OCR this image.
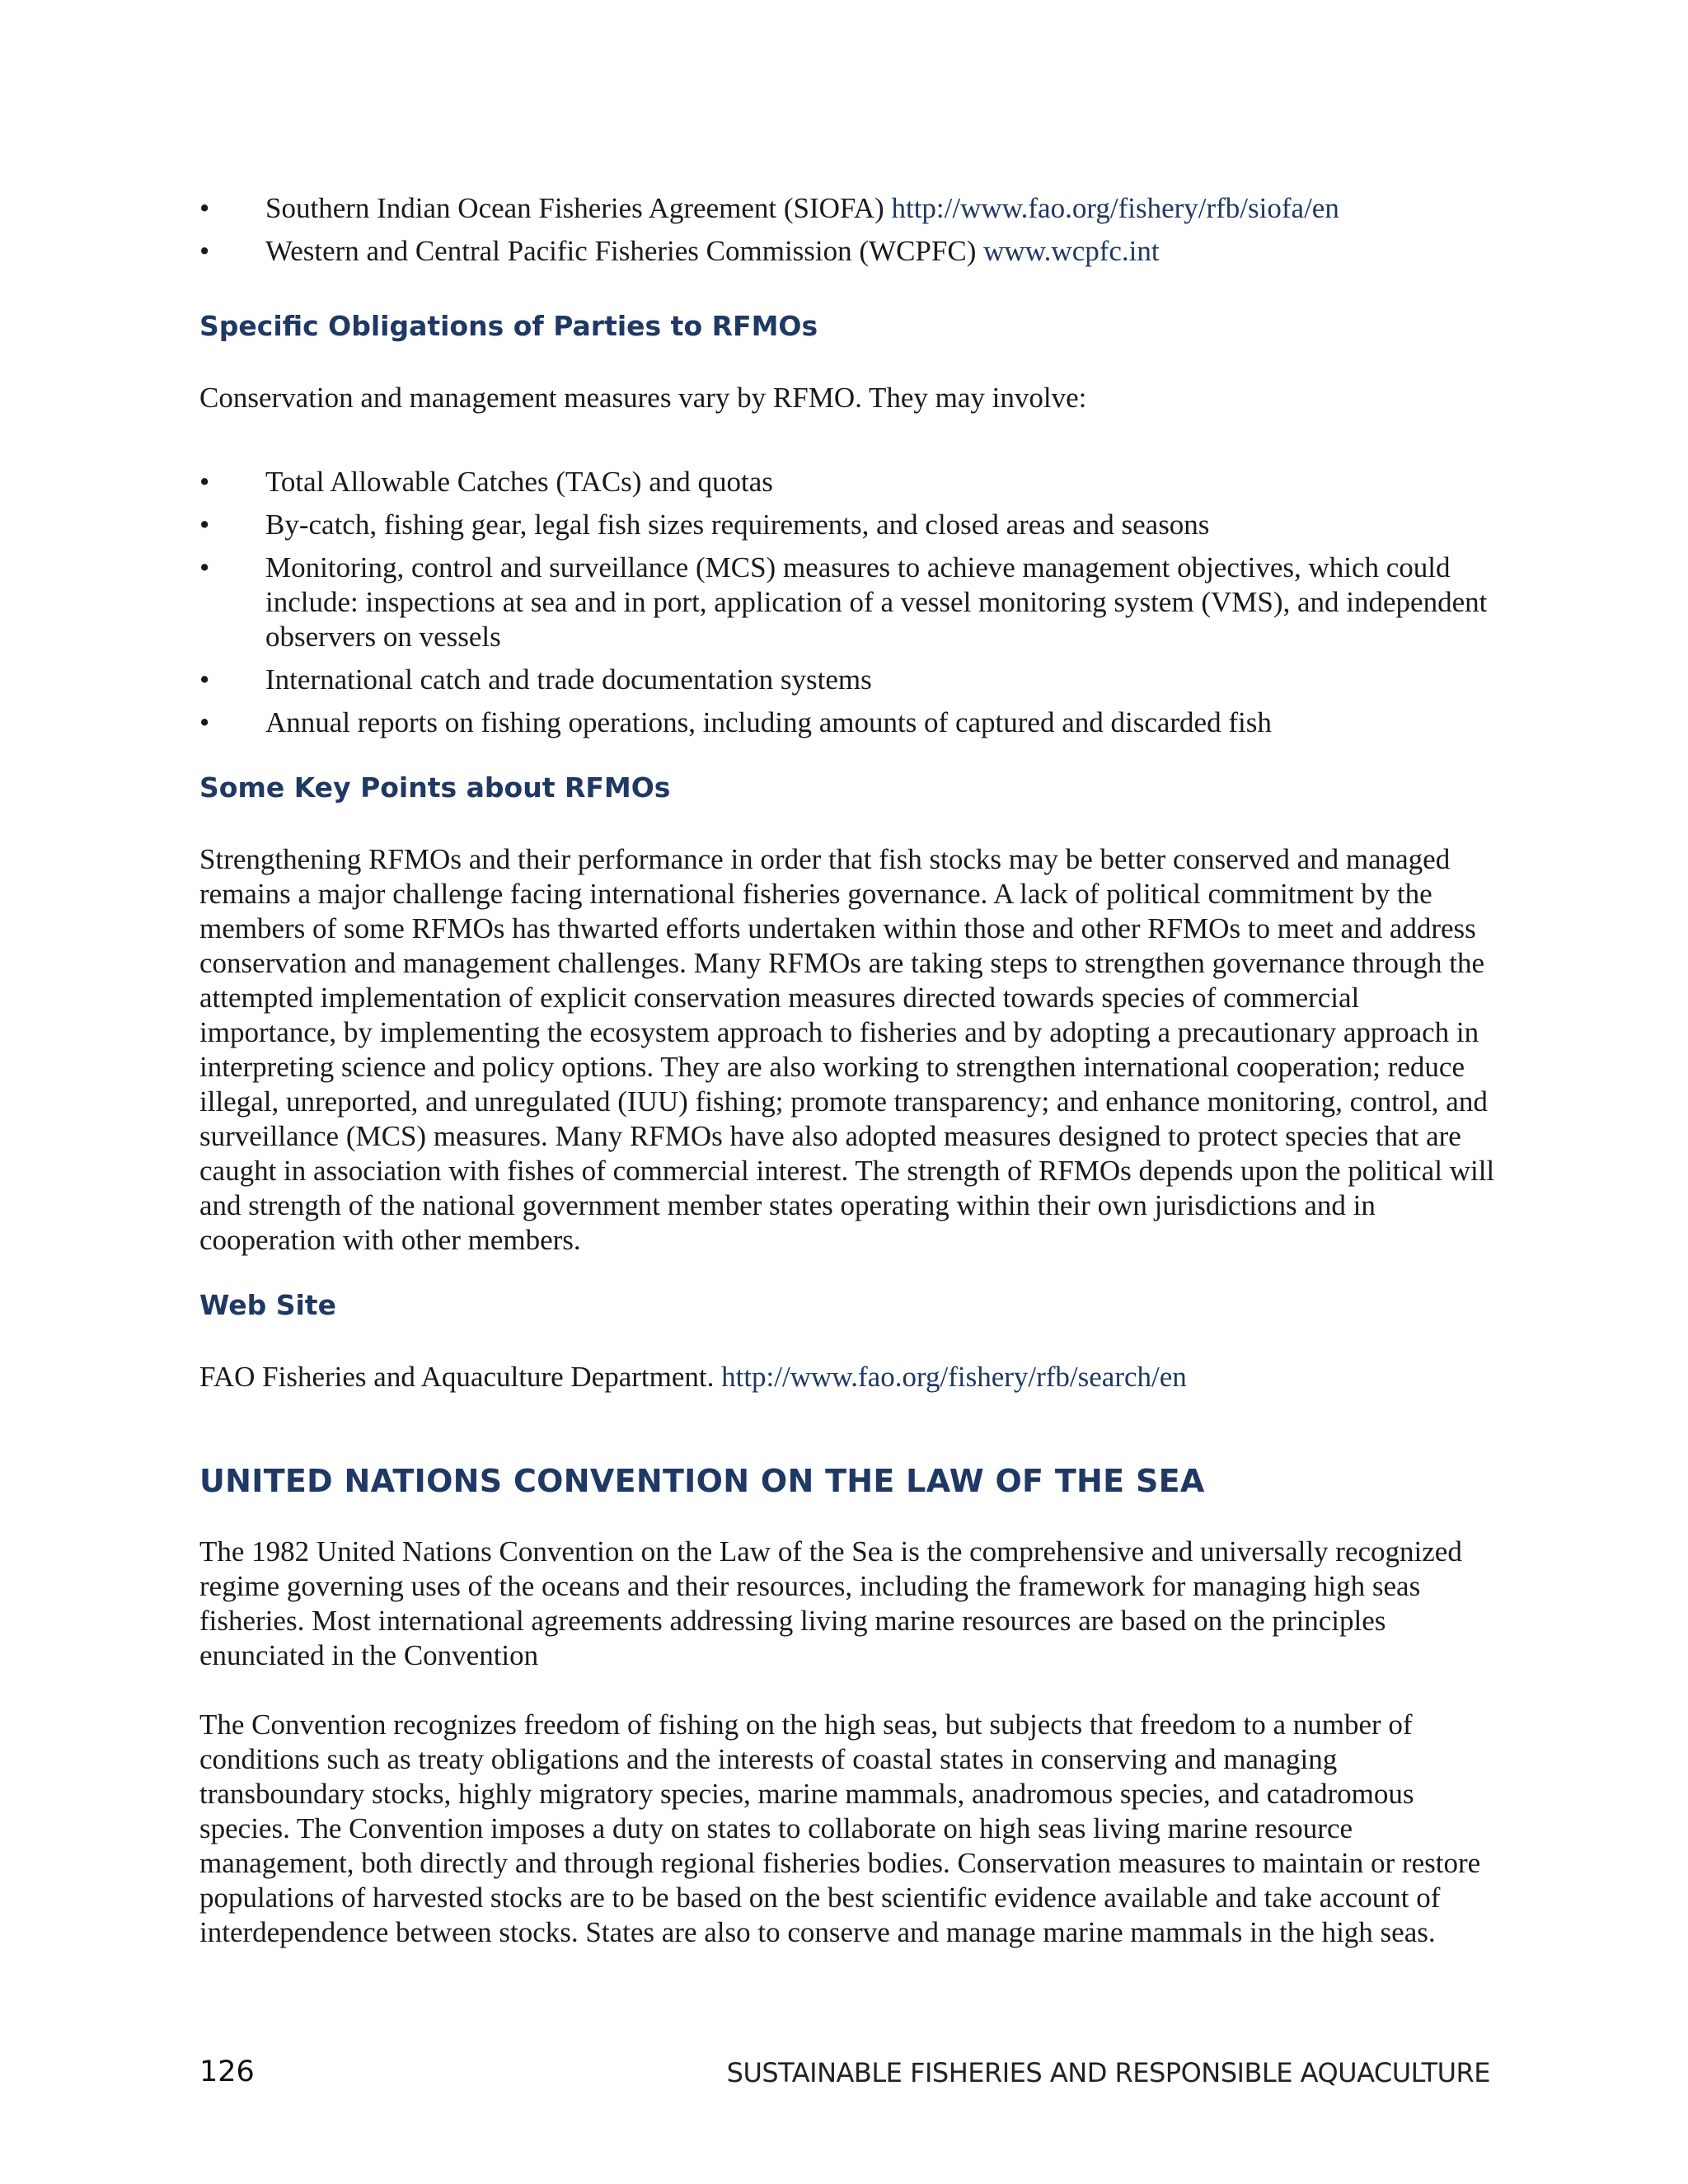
• Southern Indian Ocean Fisheries Agreement (SIOFA) http://www.fao.org/fishery/rfb/siofa/en
• Western and Central Pacific Fisheries Commission (WCPFC) www.wcpfc.int
Specific Obligations of Parties to RFMOs

Conservation and management measures vary by RFMO. They may involve:

• Total Allowable Catches (TACs) and quotas
• By-catch, fishing gear, legal fish sizes requirements, and closed areas and seasons
• Monitoring, control and surveillance (MCS) measures to achieve management objectives, which could include: inspections at sea and in port, application of a vessel monitoring system (VMS), and independent observers on vessels
• International catch and trade documentation systems
• Annual reports on fishing operations, including amounts of captured and discarded fish
Some Key Points about RFMOs

Strengthening RFMOs and their performance in order that fish stocks may be better conserved and managed remains a major challenge facing international fisheries governance. A lack of political commitment by the members of some RFMOs has thwarted efforts undertaken within those and other RFMOs to meet and address conservation and management challenges. Many RFMOs are taking steps to strengthen governance through the attempted implementation of explicit conservation measures directed towards species of commercial importance, by implementing the ecosystem approach to fisheries and by adopting a precautionary approach in interpreting science and policy options. They are also working to strengthen international cooperation; reduce illegal, unreported, and unregulated (IUU) fishing; promote transparency; and enhance monitoring, control, and surveillance (MCS) measures. Many RFMOs have also adopted measures designed to protect species that are caught in association with fishes of commercial interest. The strength of RFMOs depends upon the political will and strength of the national government member states operating within their own jurisdictions and in cooperation with other members.

Web Site

FAO Fisheries and Aquaculture Department. http://www.fao.org/fishery/rfb/search/en

UNITED NATIONS CONVENTION ON THE LAW OF THE SEA

The 1982 United Nations Convention on the Law of the Sea is the comprehensive and universally recognized regime governing uses of the oceans and their resources, including the framework for managing high seas fisheries. Most international agreements addressing living marine resources are based on the principles enunciated in the Convention

The Convention recognizes freedom of fishing on the high seas, but subjects that freedom to a number of conditions such as treaty obligations and the interests of coastal states in conserving and managing transboundary stocks, highly migratory species, marine mammals, anadromous species, and catadromous species. The Convention imposes a duty on states to collaborate on high seas living marine resource management, both directly and through regional fisheries bodies. Conservation measures to maintain or restore populations of harvested stocks are to be based on the best scientific evidence available and take account of interdependence between stocks. States are also to conserve and manage marine mammals in the high seas.

126	SUSTAINABLE FISHERIES AND RESPONSIBLE AQUACULTURE
